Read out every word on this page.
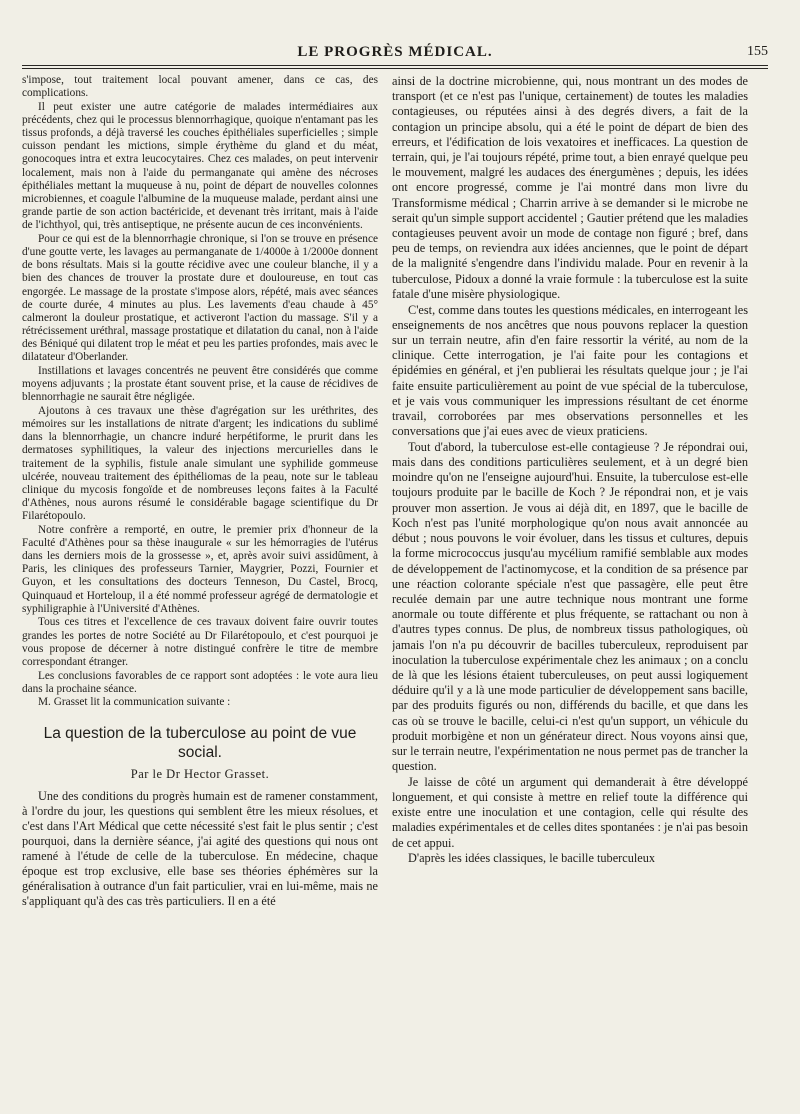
LE PROGRÈS MÉDICAL.	155

s'impose, tout traitement local pouvant amener, dans ce cas, des complications.

Il peut exister une autre catégorie de malades intermédiaires aux précédents, chez qui le processus blennorrhagique, quoique n'entamant pas les tissus profonds, a déjà traversé les couches épithéliales superficielles ; simple cuisson pendant les mictions, simple érythème du gland et du méat, gonocoques intra et extra leucocytaires. Chez ces malades, on peut intervenir localement, mais non à l'aide du permanganate qui amène des nécroses épithéliales mettant la muqueuse à nu, point de départ de nouvelles colonnes microbiennes, et coagule l'albumine de la muqueuse malade, perdant ainsi une grande partie de son action bactéricide, et devenant très irritant, mais à l'aide de l'ichthyol, qui, très antiseptique, ne présente aucun de ces inconvénients.

Pour ce qui est de la blennorrhagie chronique, si l'on se trouve en présence d'une goutte verte, les lavages au permanganate de 1/4000e à 1/2000e donnent de bons résultats. Mais si la goutte récidive avec une couleur blanche, il y a bien des chances de trouver la prostate dure et douloureuse, en tout cas engorgée. Le massage de la prostate s'impose alors, répété, mais avec séances de courte durée, 4 minutes au plus. Les lavements d'eau chaude à 45° calmeront la douleur prostatique, et activeront l'action du massage. S'il y a rétrécissement uréthral, massage prostatique et dilatation du canal, non à l'aide des Béniqué qui dilatent trop le méat et peu les parties profondes, mais avec le dilatateur d'Oberlander.

Instillations et lavages concentrés ne peuvent être considérés que comme moyens adjuvants ; la prostate étant souvent prise, et la cause de récidives de blennorrhagie ne saurait être négligée.

Ajoutons à ces travaux une thèse d'agrégation sur les uréthrites, des mémoires sur les installations de nitrate d'argent; les indications du sublimé dans la blennorrhagie, un chancre induré herpétiforme, le prurit dans les dermatoses syphilitiques, la valeur des injections mercurielles dans le traitement de la syphilis, fistule anale simulant une syphilide gommeuse ulcérée, nouveau traitement des épithéliomas de la peau, note sur le tableau clinique du mycosis fongoïde et de nombreuses leçons faites à la Faculté d'Athènes, nous aurons résumé le considérable bagage scientifique du Dr Filarétopoulo.

Notre confrère a remporté, en outre, le premier prix d'honneur de la Faculté d'Athènes pour sa thèse inaugurale « sur les hémorragies de l'utérus dans les derniers mois de la grossesse », et, après avoir suivi assidûment, à Paris, les cliniques des professeurs Tarnier, Maygrier, Pozzi, Fournier et Guyon, et les consultations des docteurs Tenneson, Du Castel, Brocq, Quinquaud et Horteloup, il a été nommé professeur agrégé de dermatologie et syphiligraphie à l'Université d'Athènes.

Tous ces titres et l'excellence de ces travaux doivent faire ouvrir toutes grandes les portes de notre Société au Dr Filarétopoulo, et c'est pourquoi je vous propose de décerner à notre distingué confrère le titre de membre correspondant étranger.

Les conclusions favorables de ce rapport sont adoptées : le vote aura lieu dans la prochaine séance.

M. Grasset lit la communication suivante :

La question de la tuberculose au point de vue social.
Par le Dr Hector Grasset.

Une des conditions du progrès humain est de ramener constamment, à l'ordre du jour, les questions qui semblent être les mieux résolues, et c'est dans l'Art Médical que cette nécessité s'est fait le plus sentir ; c'est pourquoi, dans la dernière séance, j'ai agité des questions qui nous ont ramené à l'étude de celle de la tuberculose. En médecine, chaque époque est trop exclusive, elle base ses théories éphémères sur la généralisation à outrance d'un fait particulier, vrai en lui-même, mais ne s'appliquant qu'à des cas très particuliers. Il en a été

ainsi de la doctrine microbienne, qui, nous montrant un des modes de transport (et ce n'est pas l'unique, certainement) de toutes les maladies contagieuses, ou réputées ainsi à des degrés divers, a fait de la contagion un principe absolu, qui a été le point de départ de bien des erreurs, et l'édification de lois vexatoires et inefficaces. La question de terrain, qui, je l'ai toujours répété, prime tout, a bien enrayé quelque peu le mouvement, malgré les audaces des énergumènes ; depuis, les idées ont encore progressé, comme je l'ai montré dans mon livre du Transformisme médical ; Charrin arrive à se demander si le microbe ne serait qu'un simple support accidentel ; Gautier prétend que les maladies contagieuses peuvent avoir un mode de contage non figuré ; bref, dans peu de temps, on reviendra aux idées anciennes, que le point de départ de la malignité s'engendre dans l'individu malade. Pour en revenir à la tuberculose, Pidoux a donné la vraie formule : la tuberculose est la suite fatale d'une misère physiologique.

C'est, comme dans toutes les questions médicales, en interrogeant les enseignements de nos ancêtres que nous pouvons replacer la question sur un terrain neutre, afin d'en faire ressortir la vérité, au nom de la clinique. Cette interrogation, je l'ai faite pour les contagions et épidémies en général, et j'en publierai les résultats quelque jour ; je l'ai faite ensuite particulièrement au point de vue spécial de la tuberculose, et je vais vous communiquer les impressions résultant de cet énorme travail, corroborées par mes observations personnelles et les conversations que j'ai eues avec de vieux praticiens.

Tout d'abord, la tuberculose est-elle contagieuse ? Je répondrai oui, mais dans des conditions particulières seulement, et à un degré bien moindre qu'on ne l'enseigne aujourd'hui. Ensuite, la tuberculose est-elle toujours produite par le bacille de Koch ? Je répondrai non, et je vais prouver mon assertion. Je vous ai déjà dit, en 1897, que le bacille de Koch n'est pas l'unité morphologique qu'on nous avait annoncée au début ; nous pouvons le voir évoluer, dans les tissus et cultures, depuis la forme micrococcus jusqu'au mycélium ramifié semblable aux modes de développement de l'actinomycose, et la condition de sa présence par une réaction colorante spéciale n'est que passagère, elle peut être reculée demain par une autre technique nous montrant une forme anormale ou toute différente et plus fréquente, se rattachant ou non à d'autres types connus. De plus, de nombreux tissus pathologiques, où jamais l'on n'a pu découvrir de bacilles tuberculeux, reproduisent par inoculation la tuberculose expérimentale chez les animaux ; on a conclu de là que les lésions étaient tuberculeuses, on peut aussi logiquement déduire qu'il y a là une mode particulier de développement sans bacille, par des produits figurés ou non, différends du bacille, et que dans les cas où se trouve le bacille, celui-ci n'est qu'un support, un véhicule du produit morbigène et non un générateur direct. Nous voyons ainsi que, sur le terrain neutre, l'expérimentation ne nous permet pas de trancher la question.

Je laisse de côté un argument qui demanderait à être développé longuement, et qui consiste à mettre en relief toute la différence qui existe entre une inoculation et une contagion, celle qui résulte des maladies expérimentales et de celles dites spontanées : je n'ai pas besoin de cet appui.

D'après les idées classiques, le bacille tuberculeux
